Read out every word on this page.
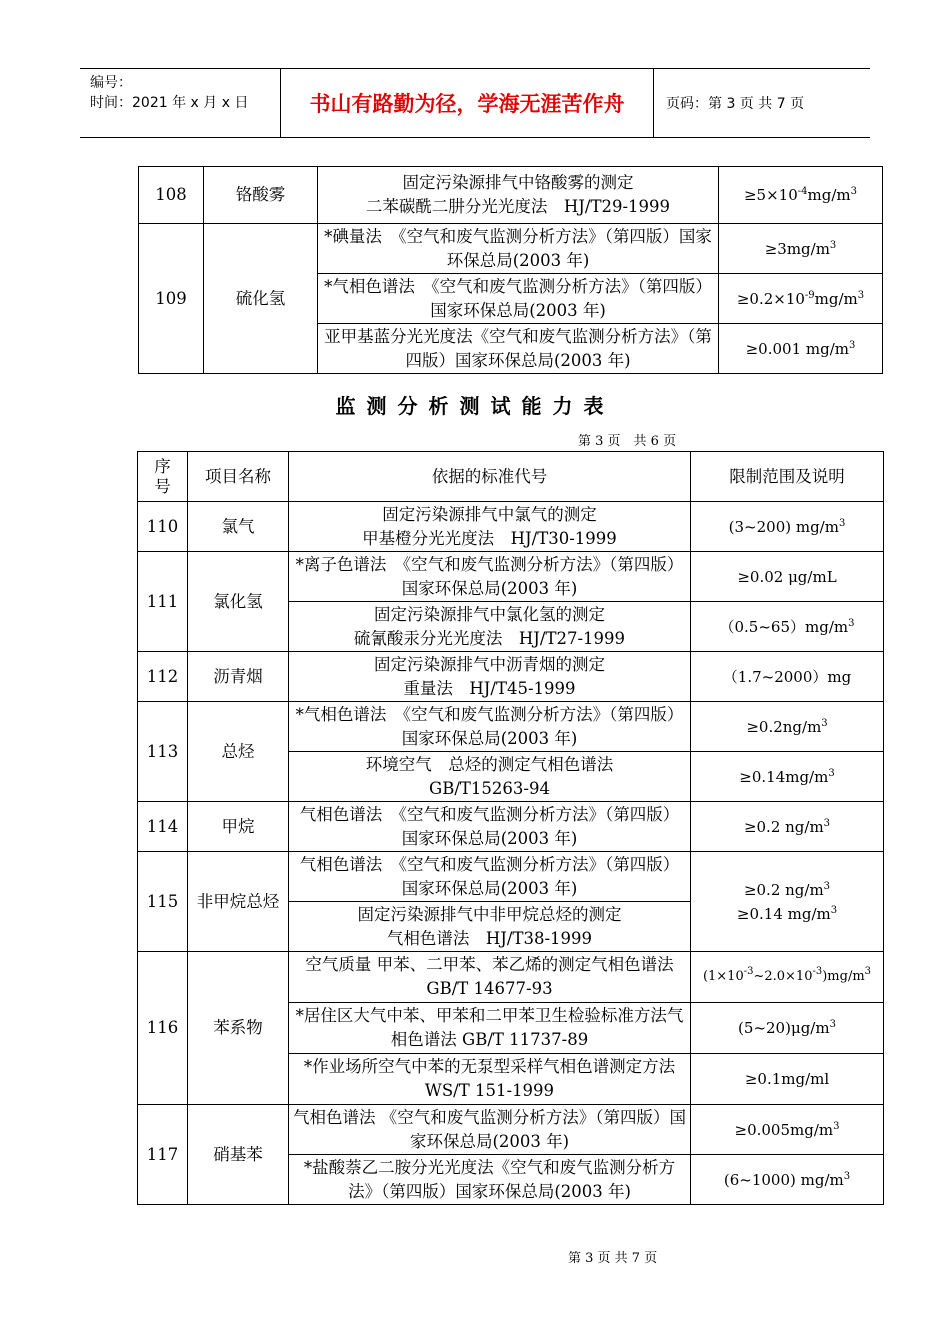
编号：
时间：2021 年 x 月 x 日	书山有路勤为径，学海无涯苦作舟	页码：第 3 页 共 7 页
108	铬酸雾	固定污染源排气中铬酸雾的测定
二苯碳酰二肼分光光度法　HJ/T29-1999	$\ge 5\times 10^{-4}mg/m^3$
109	硫化氢	*碘量法　《空气和废气监测分析方法》（第四版）国家环保总局(2003 年)	$\ge 3mg/m^3$
		*气相色谱法　《空气和废气监测分析方法》（第四版）国家环保总局(2003 年)	$\ge 0.2\times 10^{-9}mg/m^3$
		亚甲基蓝分光光度法《空气和废气监测分析方法》（第四版）国家环保总局(2003 年)	≥0.001 $mg/m^3$
监测分析测试能力表
第 3 页　共 6 页
序号	项目名称	依据的标准代号	限制范围及说明
110	氯气	固定污染源排气中氯气的测定
甲基橙分光光度法　HJ/T30-1999	(3~200) $mg/m^3$
111	氯化氢	*离子色谱法　《空气和废气监测分析方法》（第四版）国家环保总局(2003 年)	≥0.02 μg/mL
		固定污染源排气中氯化氢的测定
硫氰酸汞分光光度法　HJ/T27-1999	$(0.5\sim 65)mg/m^3$
112	沥青烟	固定污染源排气中沥青烟的测定
重量法　HJ/T45-1999	（1.7~2000）mg
113	总烃	*气相色谱法　《空气和废气监测分析方法》（第四版）国家环保总局(2003 年)	$\ge 0.2ng/m^3$
		环境空气　总烃的测定气相色谱法
GB/T15263-94	$\ge 0.14mg/m^3$
114	甲烷	气相色谱法　《空气和废气监测分析方法》（第四版）国家环保总局(2003 年)	≥0.2 $ng/m^3$
115	非甲烷总烃	气相色谱法　《空气和废气监测分析方法》（第四版）国家环保总局(2003 年)	≥0.2 $ng/m^3$
≥0.14 $mg/m^3$

		固定污染源排气中非甲烷总烃的测定
气相色谱法　HJ/T38-1999	
116	苯系物	空气质量 甲苯、二甲苯、苯乙烯的测定气相色谱法 GB/T 14677-93	$(1\times 10^{-3}\sim 2.0\times 10^{-3})mg/m^3$
		*居住区大气中苯、甲苯和二甲苯卫生检验标准方法气相色谱法 GB/T 11737-89	$(5\sim 20)\mu g/m^3$
		*作业场所空气中苯的无泵型采样气相色谱测定方法 WS/T 151-1999	≥0.1mg/ml
117	硝基苯	气相色谱法 《空气和废气监测分析方法》（第四版）国家环保总局(2003 年)	$\ge 0.005mg/m^3$
		*盐酸萘乙二胺分光光度法《空气和废气监测分析方法》（第四版）国家环保总局(2003 年)	(6~1000) $mg/m^3$
第 3 页 共 7 页
